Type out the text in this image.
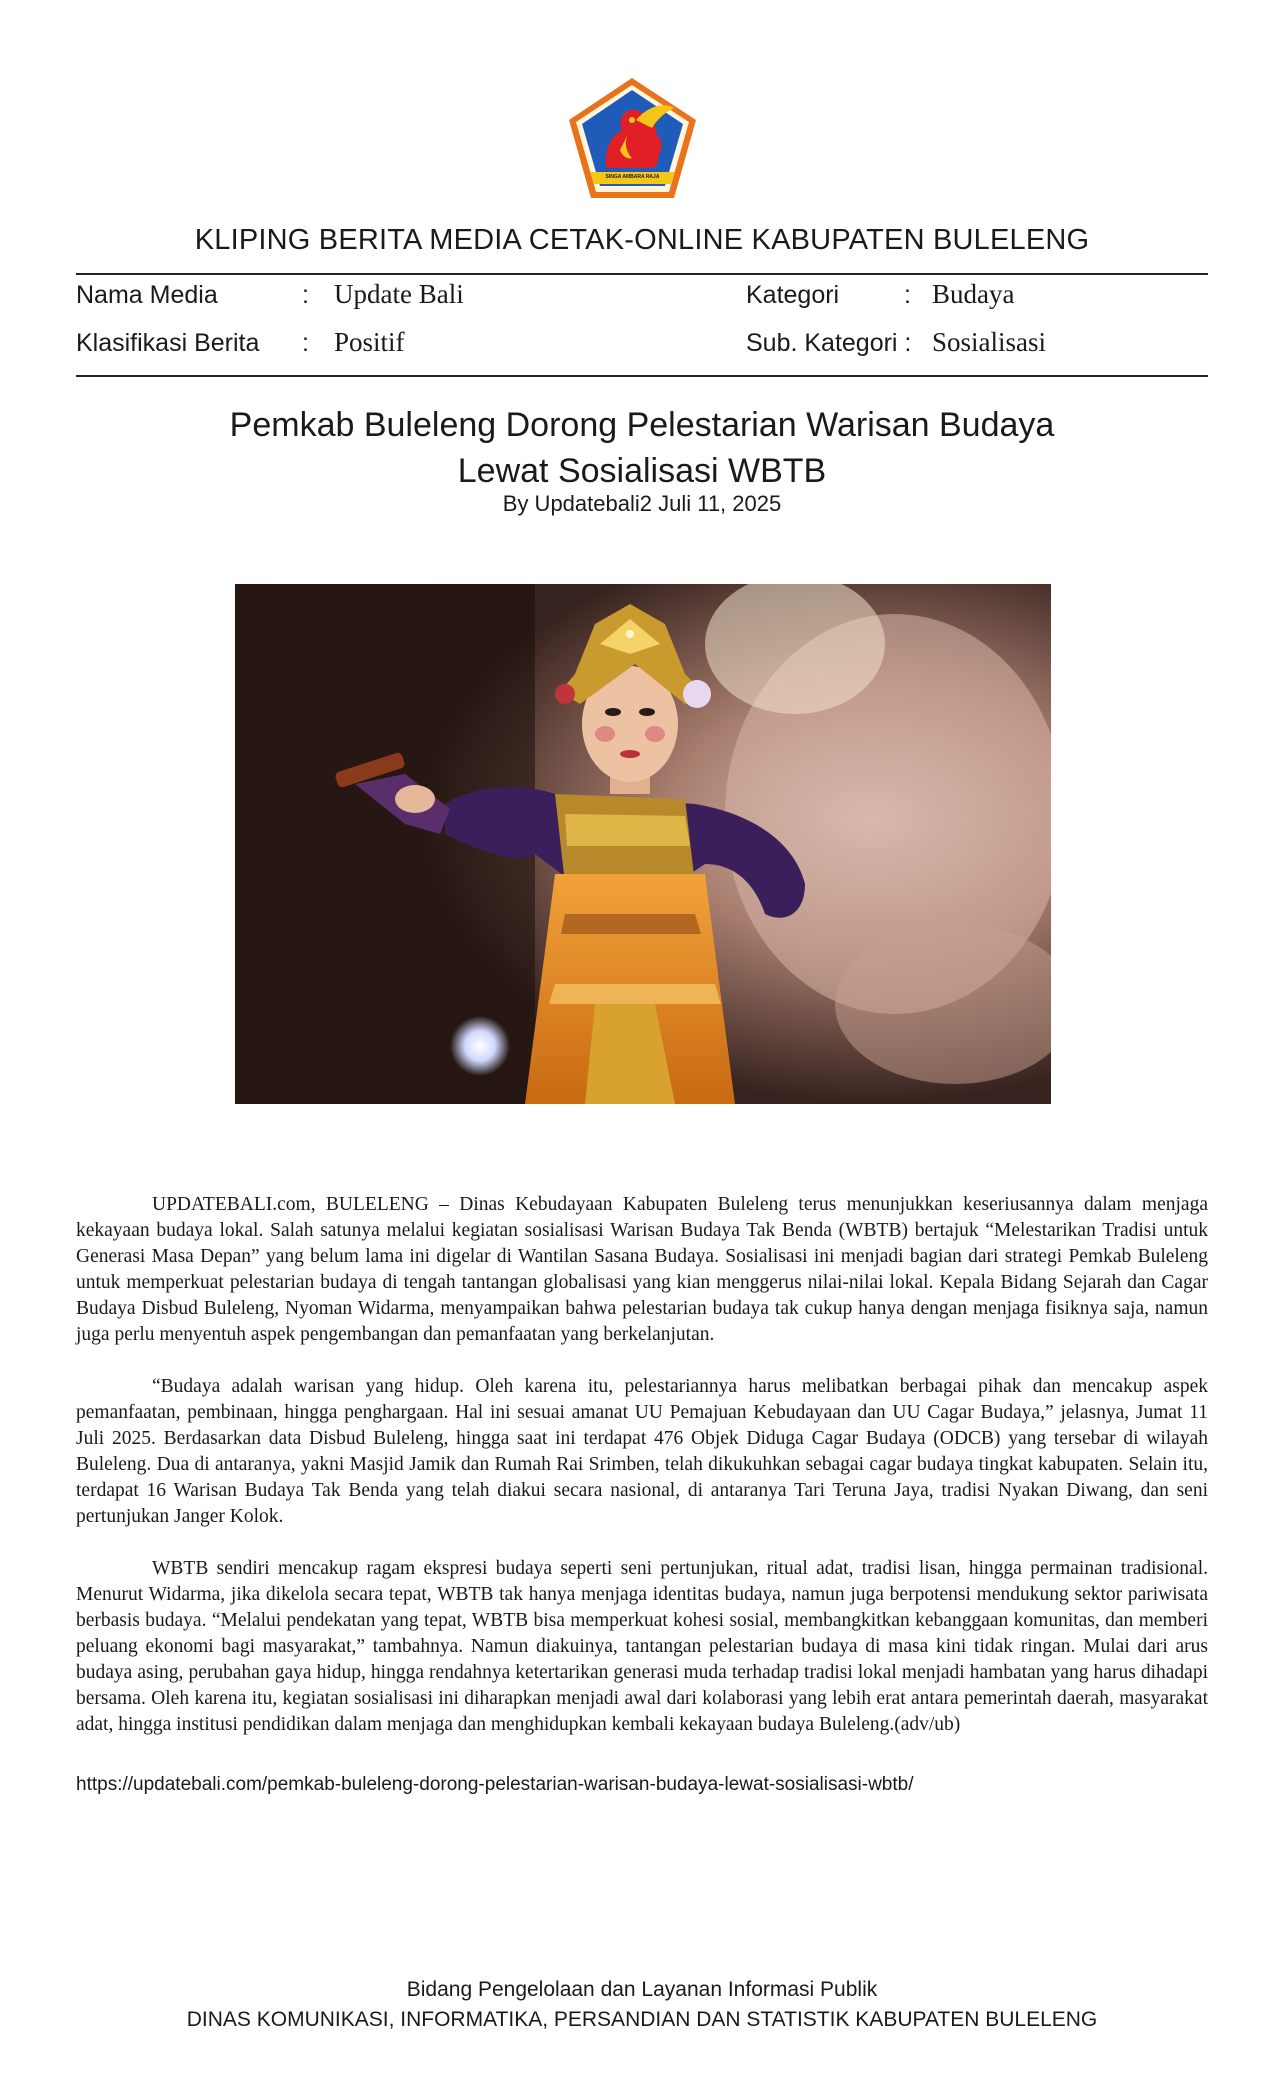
SINGA AMBARA RAJA
KLIPING BERITA MEDIA CETAK-ONLINE KABUPATEN BULELENG
Nama Media	: Update Bali	Kategori	: Budaya
Klasifikasi Berita : Positif	Sub. Kategori : Sosialisasi
Pemkab Buleleng Dorong Pelestarian Warisan Budaya
Lewat Sosialisasi WBTB
By Updatebali2 Juli 11, 2025

UPDATEBALI.com, BULELENG – Dinas Kebudayaan Kabupaten Buleleng terus menunjukkan keseriusannya dalam menjaga kekayaan budaya lokal. Salah satunya melalui kegiatan sosialisasi Warisan Budaya Tak Benda (WBTB) bertajuk “Melestarikan Tradisi untuk Generasi Masa Depan” yang belum lama ini digelar di Wantilan Sasana Budaya. Sosialisasi ini menjadi bagian dari strategi Pemkab Buleleng untuk memperkuat pelestarian budaya di tengah tantangan globalisasi yang kian menggerus nilai-nilai lokal. Kepala Bidang Sejarah dan Cagar Budaya Disbud Buleleng, Nyoman Widarma, menyampaikan bahwa pelestarian budaya tak cukup hanya dengan menjaga fisiknya saja, namun juga perlu menyentuh aspek pengembangan dan pemanfaatan yang berkelanjutan.

“Budaya adalah warisan yang hidup. Oleh karena itu, pelestariannya harus melibatkan berbagai pihak dan mencakup aspek pemanfaatan, pembinaan, hingga penghargaan. Hal ini sesuai amanat UU Pemajuan Kebudayaan dan UU Cagar Budaya,” jelasnya, Jumat 11 Juli 2025. Berdasarkan data Disbud Buleleng, hingga saat ini terdapat 476 Objek Diduga Cagar Budaya (ODCB) yang tersebar di wilayah Buleleng. Dua di antaranya, yakni Masjid Jamik dan Rumah Rai Srimben, telah dikukuhkan sebagai cagar budaya tingkat kabupaten. Selain itu, terdapat 16 Warisan Budaya Tak Benda yang telah diakui secara nasional, di antaranya Tari Teruna Jaya, tradisi Nyakan Diwang, dan seni pertunjukan Janger Kolok.

WBTB sendiri mencakup ragam ekspresi budaya seperti seni pertunjukan, ritual adat, tradisi lisan, hingga permainan tradisional. Menurut Widarma, jika dikelola secara tepat, WBTB tak hanya menjaga identitas budaya, namun juga berpotensi mendukung sektor pariwisata berbasis budaya. “Melalui pendekatan yang tepat, WBTB bisa memperkuat kohesi sosial, membangkitkan kebanggaan komunitas, dan memberi peluang ekonomi bagi masyarakat,” tambahnya. Namun diakuinya, tantangan pelestarian budaya di masa kini tidak ringan. Mulai dari arus budaya asing, perubahan gaya hidup, hingga rendahnya ketertarikan generasi muda terhadap tradisi lokal menjadi hambatan yang harus dihadapi bersama. Oleh karena itu, kegiatan sosialisasi ini diharapkan menjadi awal dari kolaborasi yang lebih erat antara pemerintah daerah, masyarakat adat, hingga institusi pendidikan dalam menjaga dan menghidupkan kembali kekayaan budaya Buleleng.(adv/ub)

https://updatebali.com/pemkab-buleleng-dorong-pelestarian-warisan-budaya-lewat-sosialisasi-wbtb/
Bidang Pengelolaan dan Layanan Informasi Publik
DINAS KOMUNIKASI, INFORMATIKA, PERSANDIAN DAN STATISTIK KABUPATEN BULELENG
